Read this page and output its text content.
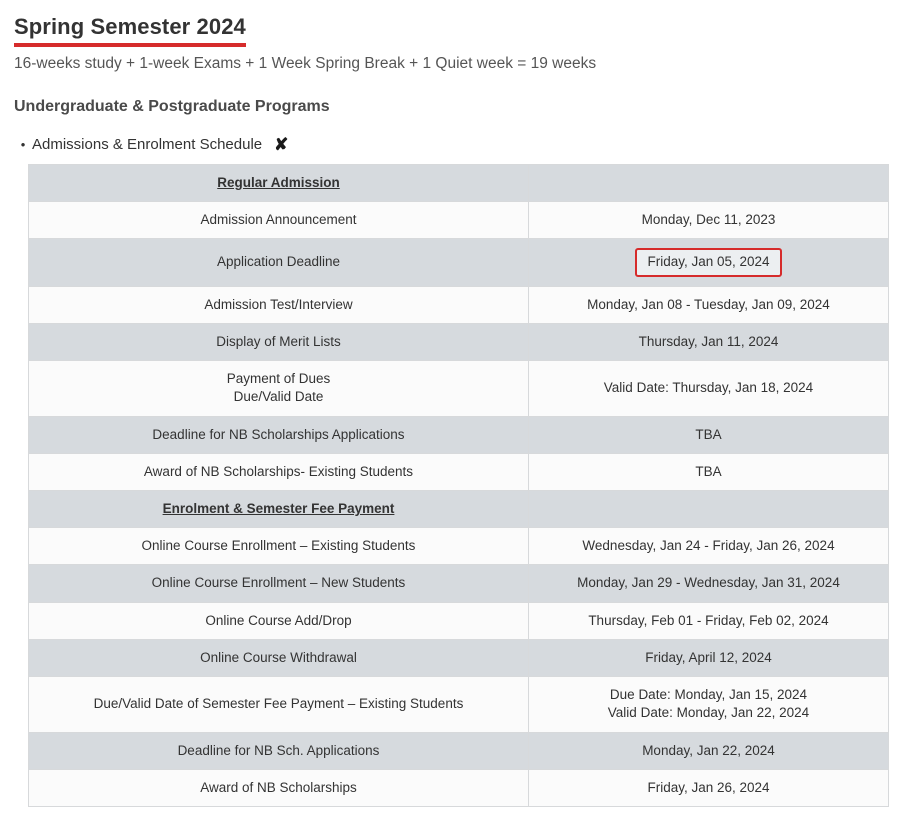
Spring Semester 2024
16-weeks study + 1-week Exams + 1 Week Spring Break + 1 Quiet week = 19 weeks
Undergraduate & Postgraduate Programs
• Admissions & Enrolment Schedule ✘
Regular Admission	
Admission Announcement	Monday, Dec 11, 2023
Application Deadline	Friday, Jan 05, 2024
Admission Test/Interview	Monday, Jan 08 - Tuesday, Jan 09, 2024
Display of Merit Lists	Thursday, Jan 11, 2024
Payment of Dues
Due/Valid Date	Valid Date: Thursday, Jan 18, 2024
Deadline for NB Scholarships Applications	TBA
Award of NB Scholarships- Existing Students	TBA
Enrolment & Semester Fee Payment	
Online Course Enrollment – Existing Students	Wednesday, Jan 24 - Friday, Jan 26, 2024
Online Course Enrollment – New Students	Monday, Jan 29 - Wednesday, Jan 31, 2024
Online Course Add/Drop	Thursday, Feb 01 - Friday, Feb 02, 2024
Online Course Withdrawal	Friday, April 12, 2024
Due/Valid Date of Semester Fee Payment – Existing Students	Due Date: Monday, Jan 15, 2024
Valid Date: Monday, Jan 22, 2024
Deadline for NB Sch. Applications	Monday, Jan 22, 2024
Award of NB Scholarships	Friday, Jan 26, 2024
